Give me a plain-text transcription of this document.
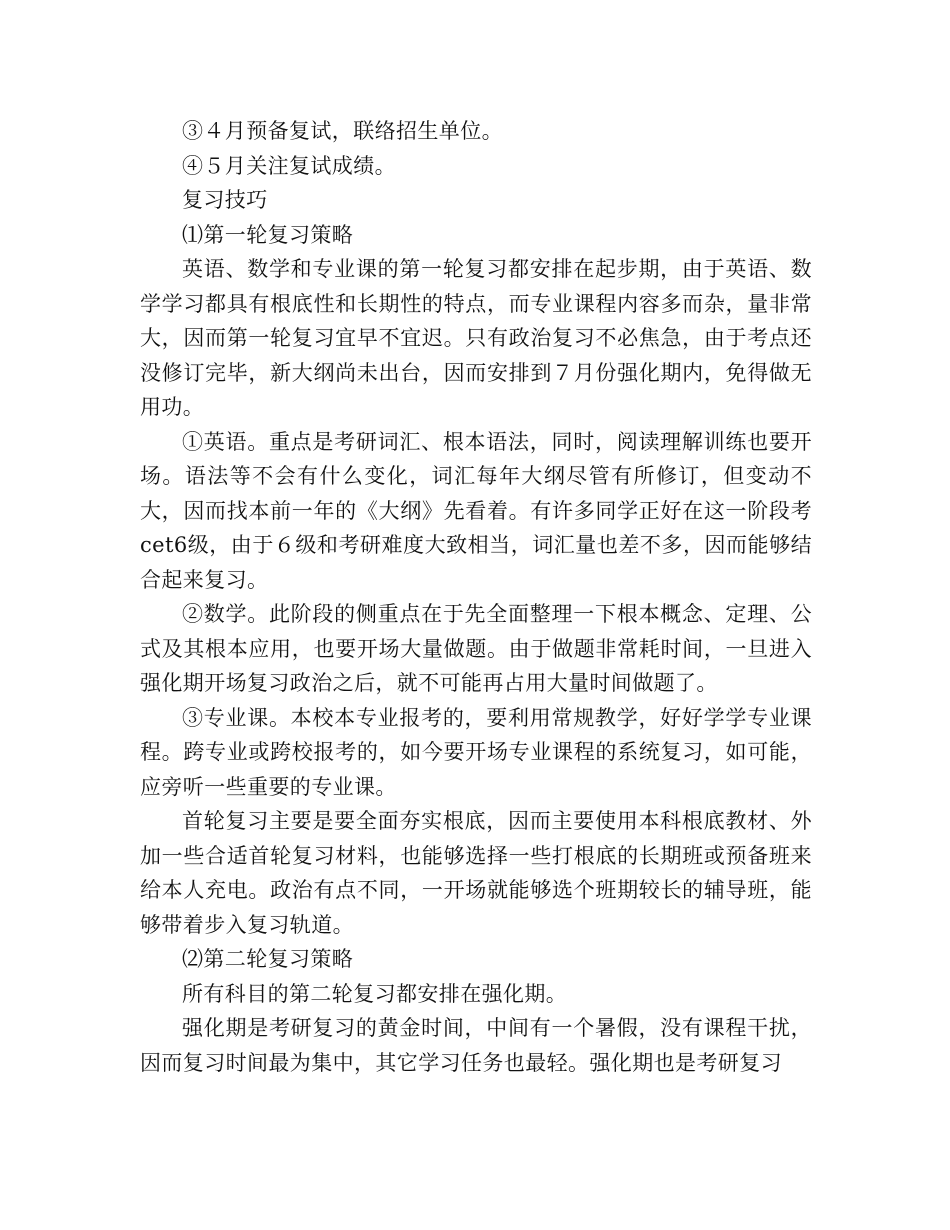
③４月预备复试，联络招生单位。

④５月关注复试成绩。

复习技巧

⑴第一轮复习策略

英语、数学和专业课的第一轮复习都安排在起步期，由于英语、数学学习都具有根底性和长期性的特点，而专业课程内容多而杂，量非常大，因而第一轮复习宜早不宜迟。只有政治复习不必焦急，由于考点还没修订完毕，新大纲尚未出台，因而安排到７月份强化期内，免得做无用功。

①英语。重点是考研词汇、根本语法，同时，阅读理解训练也要开场。语法等不会有什么变化，词汇每年大纲尽管有所修订，但变动不大，因而找本前一年的《大纲》先看着。有许多同学正好在这一阶段考cet6级，由于６级和考研难度大致相当，词汇量也差不多，因而能够结合起来复习。

②数学。此阶段的侧重点在于先全面整理一下根本概念、定理、公式及其根本应用，也要开场大量做题。由于做题非常耗时间，一旦进入强化期开场复习政治之后，就不可能再占用大量时间做题了。

③专业课。本校本专业报考的，要利用常规教学，好好学学专业课程。跨专业或跨校报考的，如今要开场专业课程的系统复习，如可能，应旁听一些重要的专业课。

首轮复习主要是要全面夯实根底，因而主要使用本科根底教材、外加一些合适首轮复习材料，也能够选择一些打根底的长期班或预备班来给本人充电。政治有点不同，一开场就能够选个班期较长的辅导班，能够带着步入复习轨道。

⑵第二轮复习策略

所有科目的第二轮复习都安排在强化期。

强化期是考研复习的黄金时间，中间有一个暑假，没有课程干扰，因而复习时间最为集中，其它学习任务也最轻。强化期也是考研复习
